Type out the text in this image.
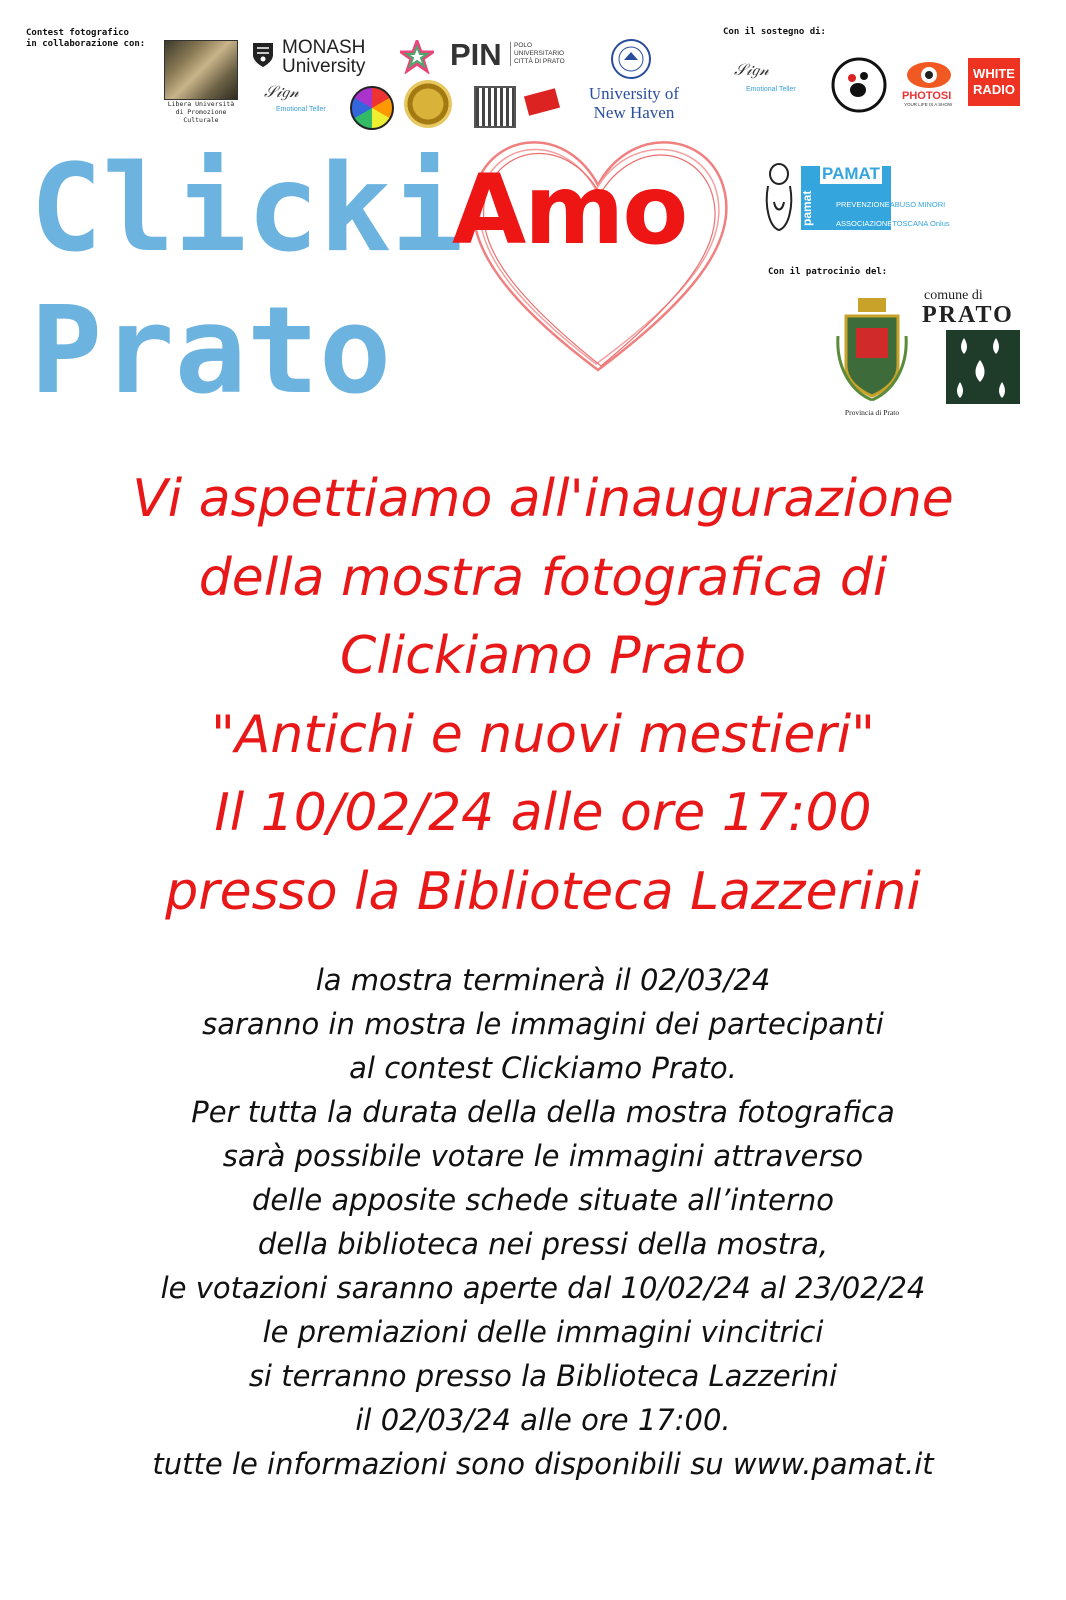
Contest fotografico
in collaborazione con:
Con il sostegno di:
Con il patrocinio del:
Libera Università
di Promozione Culturale
MONASH
University	PIN	POLO
UNIVERSITARIO
CITTÀ DI PRATO
University of
New Haven
𝒮𝒾𝑔𝓃
Emotional Teller
𝒮𝒾𝑔𝓃
Emotional Teller
PHOTOSI
YOUR LIFE IS A SHOW
WHITE
RADIO
Clicki
Amo
Prato
PAMAT
pamat	PREVENZIONEABUSO MINORI
ASSOCIAZIONETOSCANA Onlus
Provincia di Prato
comune di
PRATO
Vi aspettiamo all'inaugurazione
della mostra fotografica di
Clickiamo Prato
"Antichi e nuovi mestieri"
Il 10/02/24 alle ore 17:00
presso la Biblioteca Lazzerini
la mostra terminerà il 02/03/24
saranno in mostra le immagini dei partecipanti
al contest Clickiamo Prato.
Per tutta la durata della della mostra fotografica
sarà possibile votare le immagini attraverso
delle apposite schede situate all’interno
della biblioteca nei pressi della mostra,
le votazioni saranno aperte dal 10/02/24 al 23/02/24
le premiazioni delle immagini vincitrici
si terranno presso la Biblioteca Lazzerini
il 02/03/24 alle ore 17:00.
tutte le informazioni sono disponibili su www.pamat.it
